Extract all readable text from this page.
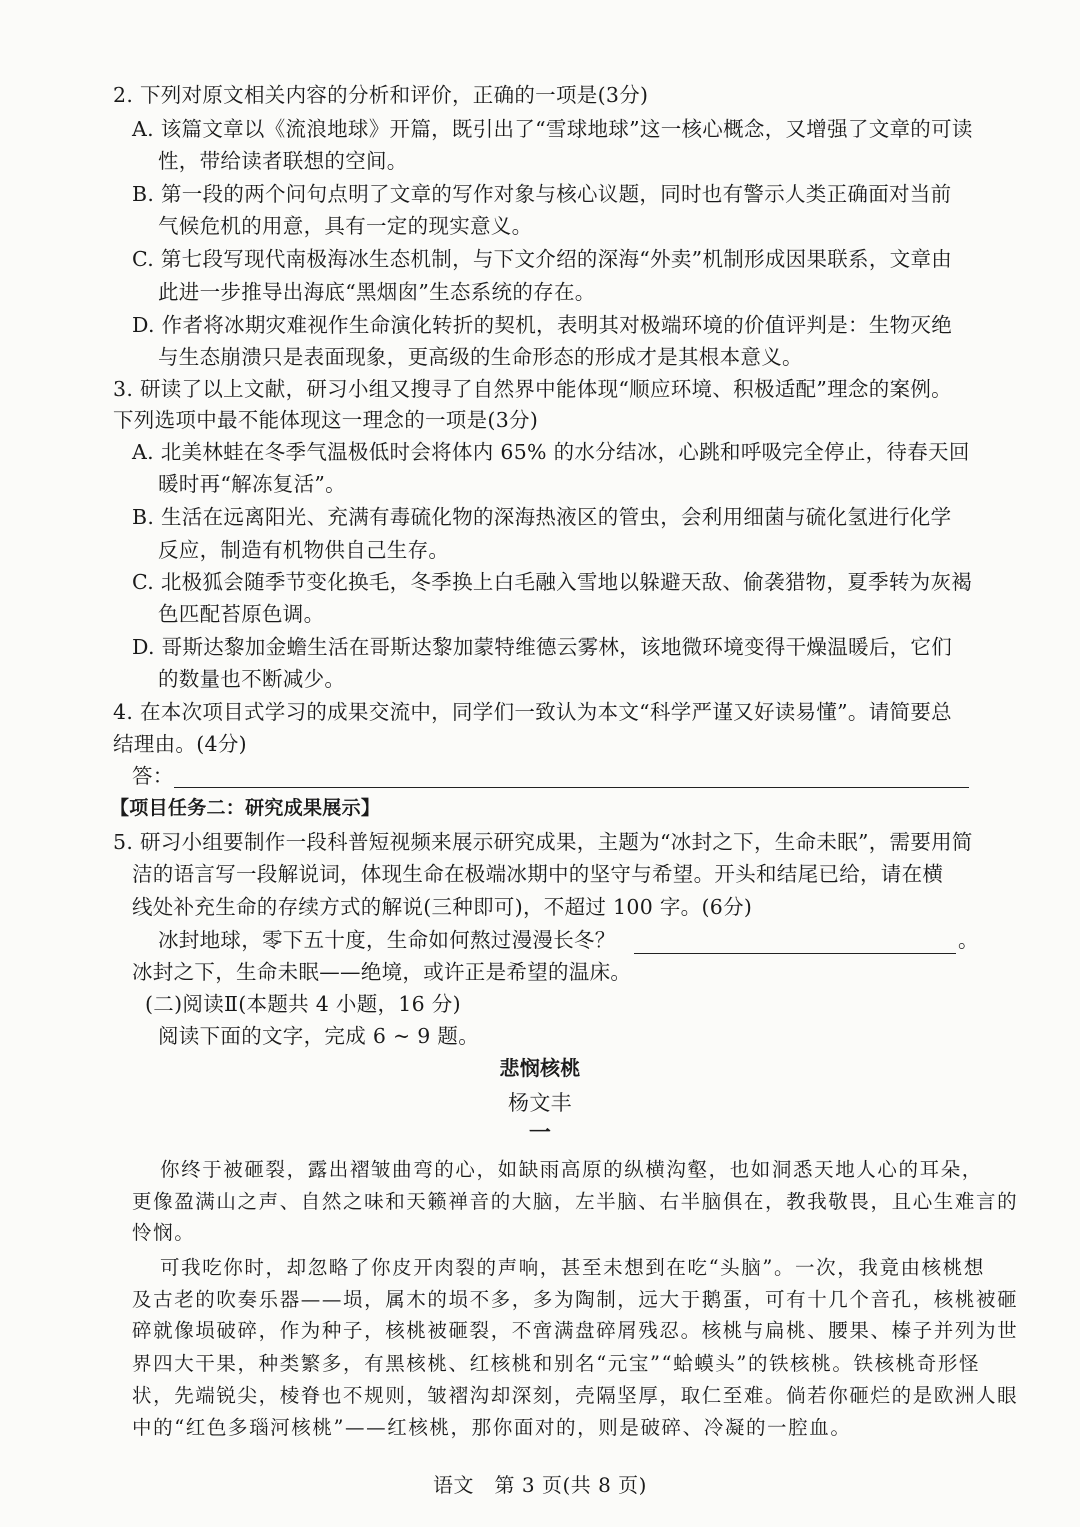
2. 下列对原文相关内容的分析和评价，正确的一项是(3分)
A. 该篇文章以《流浪地球》开篇，既引出了“雪球地球”这一核心概念，又增强了文章的可读
性，带给读者联想的空间。
B. 第一段的两个问句点明了文章的写作对象与核心议题，同时也有警示人类正确面对当前
气候危机的用意，具有一定的现实意义。
C. 第七段写现代南极海冰生态机制，与下文介绍的深海“外卖”机制形成因果联系，文章由
此进一步推导出海底“黑烟囱”生态系统的存在。
D. 作者将冰期灾难视作生命演化转折的契机，表明其对极端环境的价值评判是：生物灭绝
与生态崩溃只是表面现象，更高级的生命形态的形成才是其根本意义。
3. 研读了以上文献，研习小组又搜寻了自然界中能体现“顺应环境、积极适配”理念的案例。
下列选项中最不能体现这一理念的一项是(3分)
A. 北美林蛙在冬季气温极低时会将体内 65% 的水分结冰，心跳和呼吸完全停止，待春天回
暖时再“解冻复活”。
B. 生活在远离阳光、充满有毒硫化物的深海热液区的管虫，会利用细菌与硫化氢进行化学
反应，制造有机物供自己生存。
C. 北极狐会随季节变化换毛，冬季换上白毛融入雪地以躲避天敌、偷袭猎物，夏季转为灰褐
色匹配苔原色调。
D. 哥斯达黎加金蟾生活在哥斯达黎加蒙特维德云雾林，该地微环境变得干燥温暖后，它们
的数量也不断减少。
4. 在本次项目式学习的成果交流中，同学们一致认为本文“科学严谨又好读易懂”。请简要总
结理由。(4分)
答：
【项目任务二：研究成果展示】
5. 研习小组要制作一段科普短视频来展示研究成果，主题为“冰封之下，生命未眠”，需要用简
洁的语言写一段解说词，体现生命在极端冰期中的坚守与希望。开头和结尾已给，请在横
线处补充生命的存续方式的解说(三种即可)，不超过 100 字。(6分)
冰封地球，零下五十度，生命如何熬过漫漫长冬？	。
冰封之下，生命未眠——绝境，或许正是希望的温床。
(二)阅读Ⅱ(本题共 4 小题，16 分)
阅读下面的文字，完成 6 ~ 9 题。
悲悯核桃
杨文丰
一
你终于被砸裂，露出褶皱曲弯的心，如缺雨高原的纵横沟壑，也如洞悉天地人心的耳朵，
更像盈满山之声、自然之味和天籁禅音的大脑，左半脑、右半脑俱在，教我敬畏，且心生难言的
怜悯。
可我吃你时，却忽略了你皮开肉裂的声响，甚至未想到在吃“头脑”。一次，我竟由核桃想
及古老的吹奏乐器——埙，属木的埙不多，多为陶制，远大于鹅蛋，可有十几个音孔，核桃被砸
碎就像埙破碎，作为种子，核桃被砸裂，不啻满盘碎屑残忍。核桃与扁桃、腰果、榛子并列为世
界四大干果，种类繁多，有黑核桃、红核桃和别名“元宝”“蛤蟆头”的铁核桃。铁核桃奇形怪
状，先端锐尖，棱脊也不规则，皱褶沟却深刻，壳隔坚厚，取仁至难。倘若你砸烂的是欧洲人眼
中的“红色多瑙河核桃”——红核桃，那你面对的，则是破碎、冷凝的一腔血。
语文　第 3 页(共 8 页)
